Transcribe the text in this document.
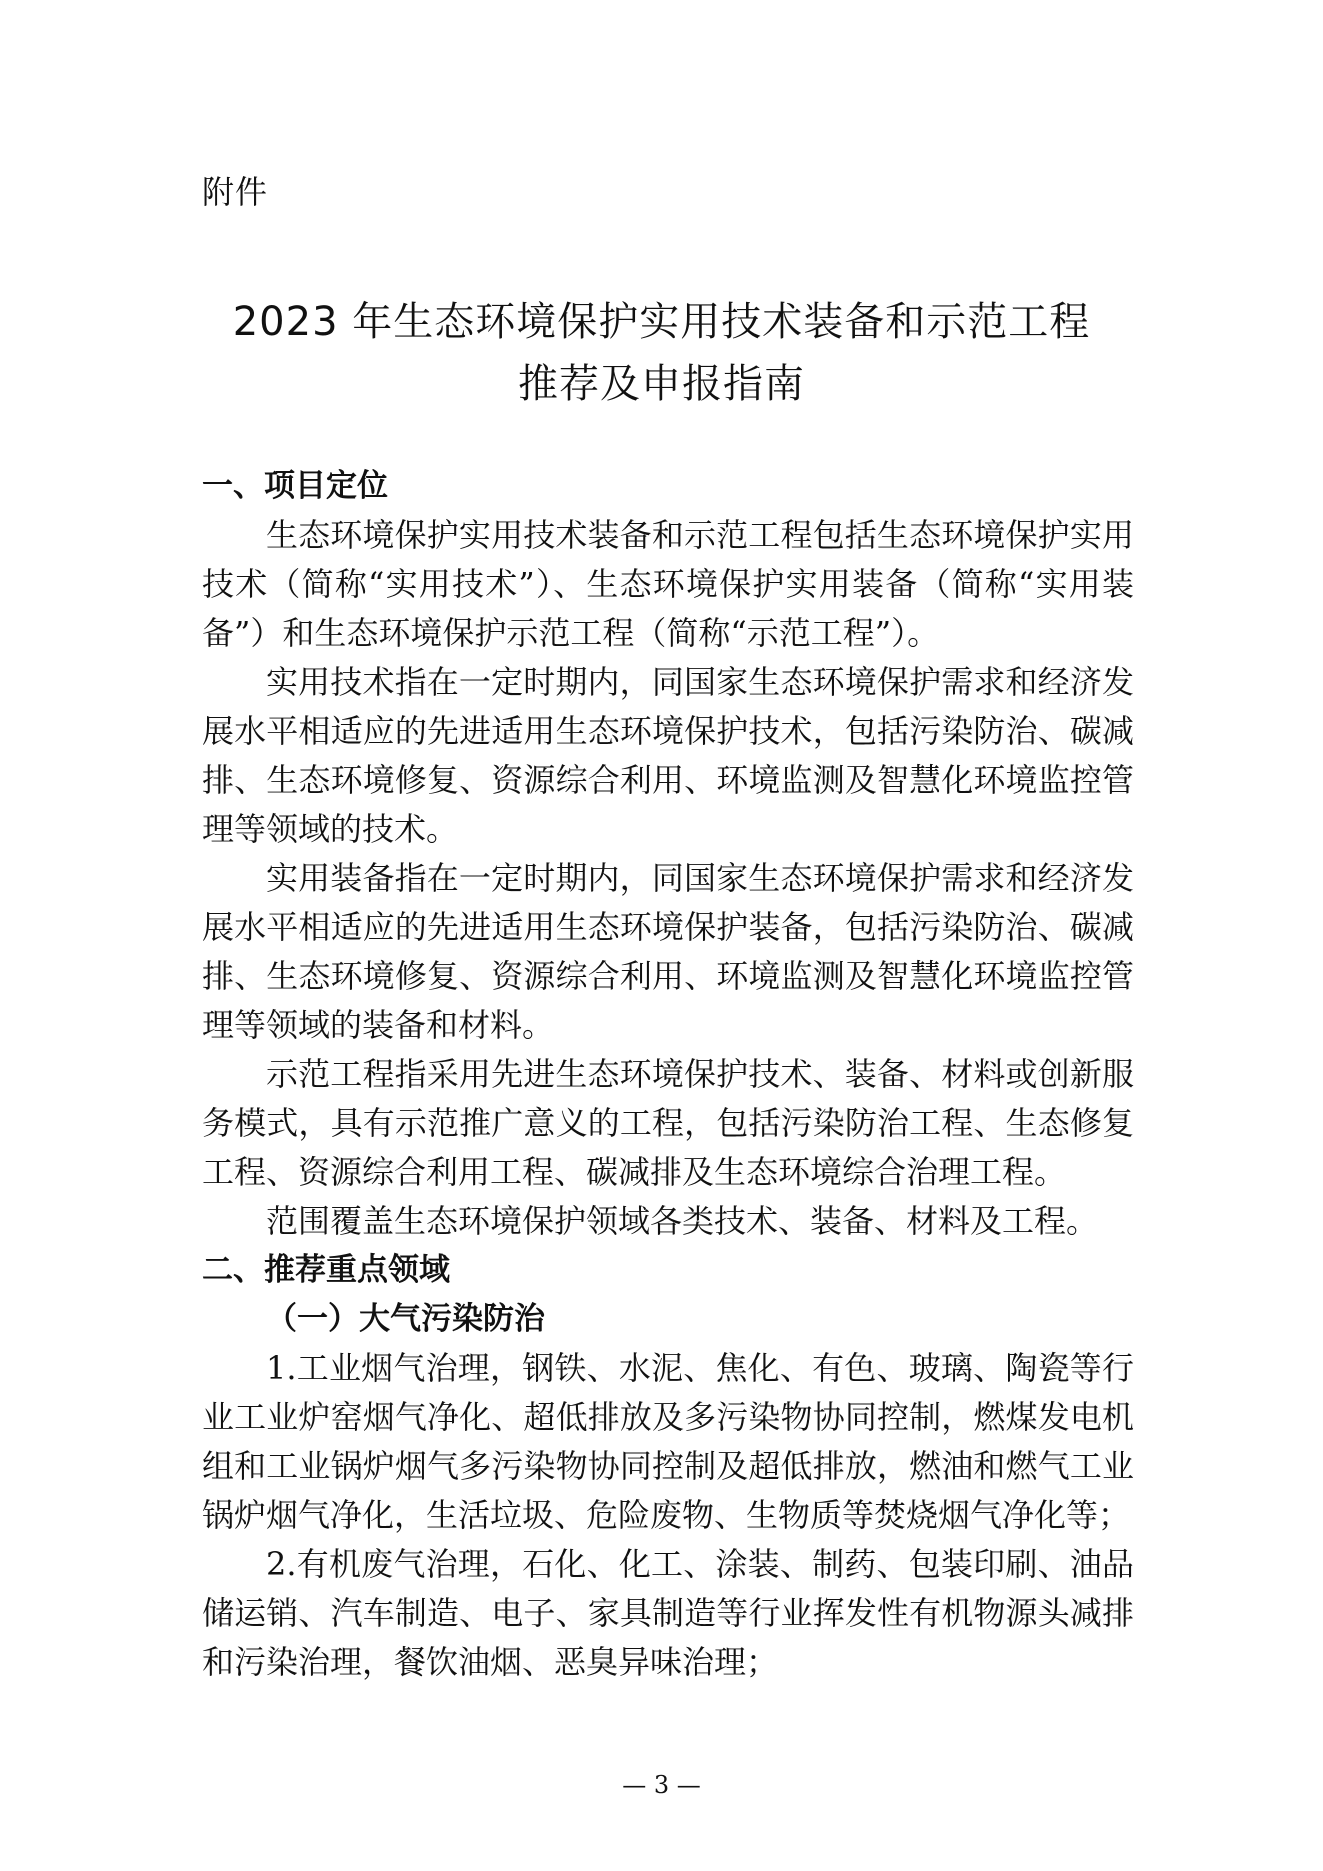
附件
2023 年生态环境保护实用技术装备和示范工程
推荐及申报指南

一、项目定位

生态环境保护实用技术装备和示范工程包括生态环境保护实用技术（简称“实用技术”）、生态环境保护实用装备（简称“实用装备”）和生态环境保护示范工程（简称“示范工程”）。

实用技术指在一定时期内，同国家生态环境保护需求和经济发展水平相适应的先进适用生态环境保护技术，包括污染防治、碳减排、生态环境修复、资源综合利用、环境监测及智慧化环境监控管理等领域的技术。

实用装备指在一定时期内，同国家生态环境保护需求和经济发展水平相适应的先进适用生态环境保护装备，包括污染防治、碳减排、生态环境修复、资源综合利用、环境监测及智慧化环境监控管理等领域的装备和材料。

示范工程指采用先进生态环境保护技术、装备、材料或创新服务模式，具有示范推广意义的工程，包括污染防治工程、生态修复工程、资源综合利用工程、碳减排及生态环境综合治理工程。

范围覆盖生态环境保护领域各类技术、装备、材料及工程。

二、推荐重点领域

（一）大气污染防治

1.工业烟气治理，钢铁、水泥、焦化、有色、玻璃、陶瓷等行业工业炉窑烟气净化、超低排放及多污染物协同控制，燃煤发电机组和工业锅炉烟气多污染物协同控制及超低排放，燃油和燃气工业锅炉烟气净化，生活垃圾、危险废物、生物质等焚烧烟气净化等；

2.有机废气治理，石化、化工、涂装、制药、包装印刷、油品储运销、汽车制造、电子、家具制造等行业挥发性有机物源头减排和污染治理，餐饮油烟、恶臭异味治理；

— 3 —
